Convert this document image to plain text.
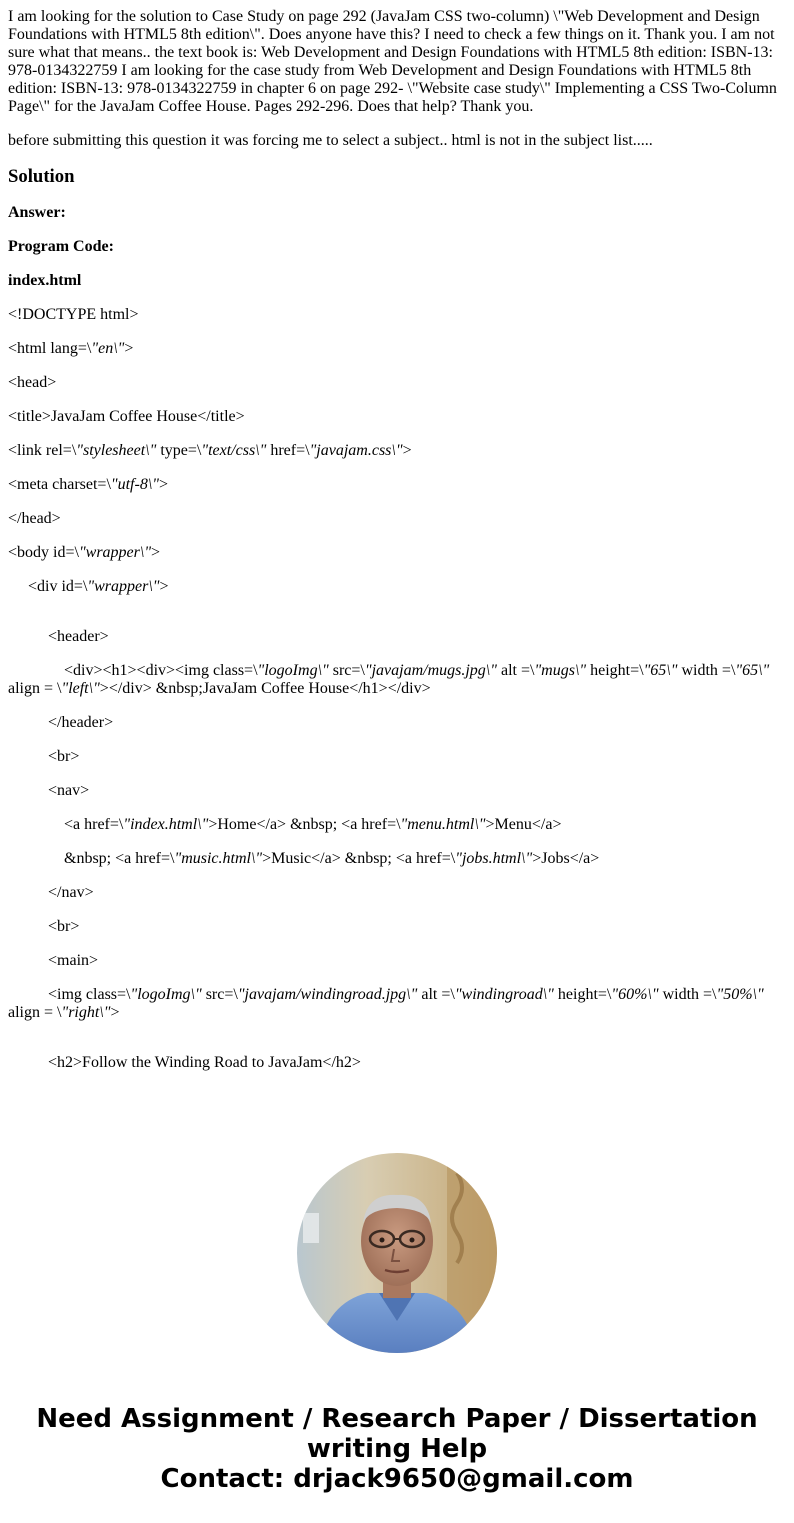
I am looking for the solution to Case Study on page 292 (JavaJam CSS two-column) \"Web Development and Design Foundations with HTML5 8th edition\". Does anyone have this? I need to check a few things on it. Thank you. I am not sure what that means.. the text book is: Web Development and Design Foundations with HTML5 8th edition: ISBN-13: 978-0134322759 I am looking for the case study from Web Development and Design Foundations with HTML5 8th edition: ISBN-13: 978-0134322759 in chapter 6 on page 292- \"Website case study\" Implementing a CSS Two-Column Page\" for the JavaJam Coffee House. Pages 292-296. Does that help? Thank you.

before submitting this question it was forcing me to select a subject.. html is not in the subject list.....

Solution

Answer:

Program Code:

index.html

<!DOCTYPE html>

<html lang=\"en\">

<head>

<title>JavaJam Coffee House</title>

<link rel=\"stylesheet\" type=\"text/css\" href=\"javajam.css\">

<meta charset=\"utf-8\">

</head>

<body id=\"wrapper\">

<div id=\"wrapper\">

<header>

<div><h1><div><img class=\"logoImg\" src=\"javajam/mugs.jpg\" alt =\"mugs\" height=\"65\" width =\"65\" align = \"left\"></div> &nbsp;JavaJam Coffee House</h1></div>

</header>

<br>

<nav>

<a href=\"index.html\">Home</a> &nbsp; <a href=\"menu.html\">Menu</a>

&nbsp; <a href=\"music.html\">Music</a> &nbsp; <a href=\"jobs.html\">Jobs</a>

</nav>

<br>

<main>

<img class=\"logoImg\" src=\"javajam/windingroad.jpg\" alt =\"windingroad\" height=\"60%\" width =\"50%\" align = \"right\">

<h2>Follow the Winding Road to JavaJam</h2>

Need Assignment / Research Paper / Dissertation writing Help
Contact: drjack9650@gmail.com
